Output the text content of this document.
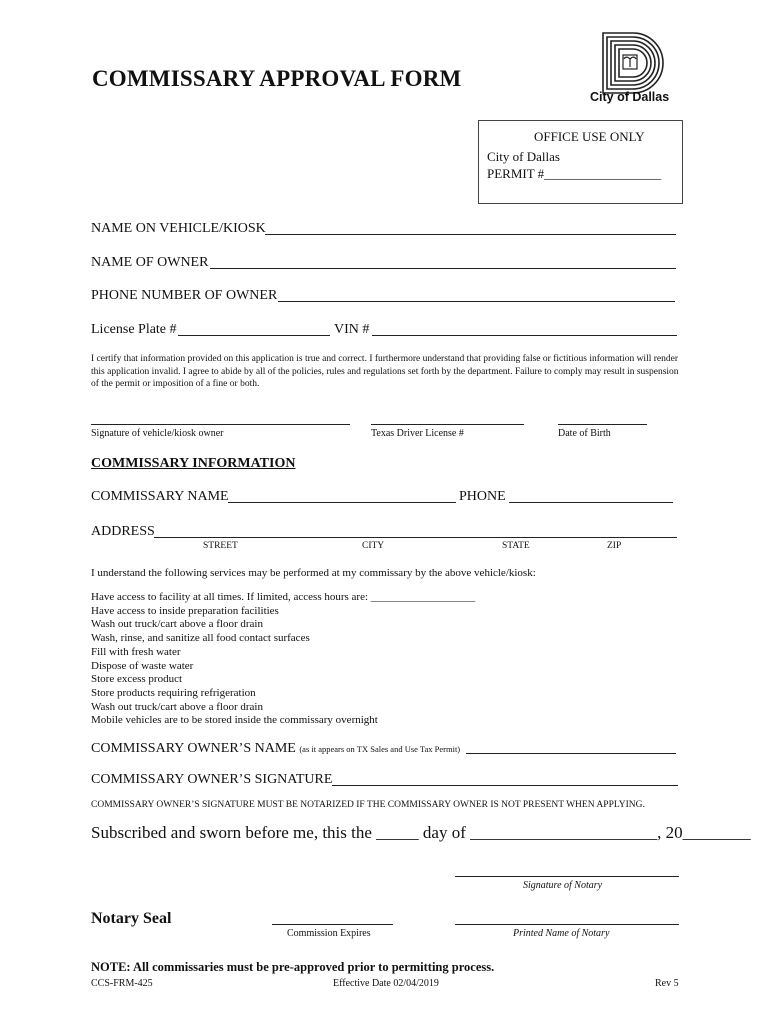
COMMISSARY APPROVAL FORM
City of Dallas
OFFICE USE ONLY
City of Dallas
PERMIT #__________________
NAME ON VEHICLE/KIOSK
NAME OF OWNER
PHONE NUMBER OF OWNER
License Plate #	VIN #
I certify that information provided on this application is true and correct. I furthermore understand that providing false or fictitious information will render this application invalid. I agree to abide by all of the policies, rules and regulations set forth by the department. Failure to comply may result in suspension of the permit or imposition of a fine or both.
Signature of vehicle/kiosk owner	Texas Driver License #	Date of Birth
COMMISSARY INFORMATION
COMMISSARY NAME	PHONE
ADDRESS
STREET	CITY	STATE	ZIP
I understand the following services may be performed at my commissary by the above vehicle/kiosk:
Have access to facility at all times. If limited, access hours are: ___________________
Have access to inside preparation facilities
Wash out truck/cart above a floor drain
Wash, rinse, and sanitize all food contact surfaces
Fill with fresh water
Dispose of waste water
Store excess product
Store products requiring refrigeration
Wash out truck/cart above a floor drain
Mobile vehicles are to be stored inside the commissary overnight
COMMISSARY OWNER’S NAME (as it appears on TX Sales and Use Tax Permit)
COMMISSARY OWNER’S SIGNATURE
COMMISSARY OWNER’S SIGNATURE MUST BE NOTARIZED IF THE COMMISSARY OWNER IS NOT PRESENT WHEN APPLYING.
Subscribed and sworn before me, this the _____ day of ______________________, 20________
Signature of Notary
Notary Seal
Commission Expires	Printed Name of Notary
NOTE: All commissaries must be pre-approved prior to permitting process.
CCS-FRM-425	Effective Date 02/04/2019	Rev 5
